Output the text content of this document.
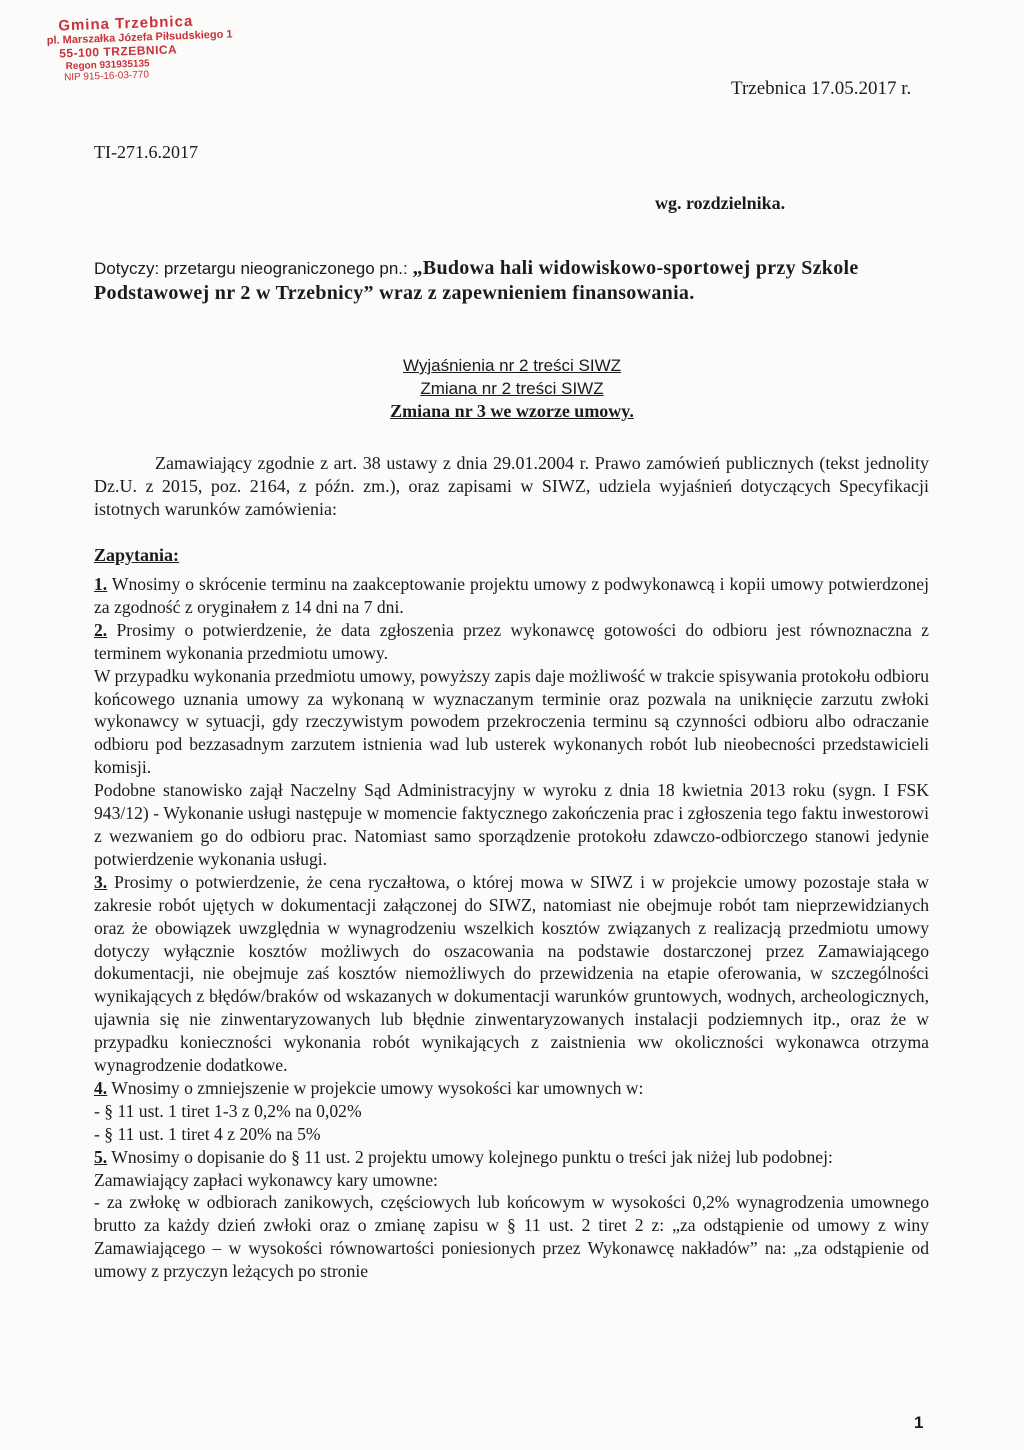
Gmina Trzebnica
pl. Marszałka Józefa Piłsudskiego 1
55-100 TRZEBNICA
Regon 931935135
NIP 915-16-03-770
Trzebnica 17.05.2017 r.
TI-271.6.2017
wg. rozdzielnika.
Dotyczy: przetargu nieograniczonego pn.: „Budowa hali widowiskowo-sportowej przy Szkole Podstawowej nr 2 w Trzebnicy” wraz z zapewnieniem finansowania.
Wyjaśnienia nr 2 treści SIWZ
Zmiana nr 2 treści SIWZ
Zmiana nr 3 we wzorze umowy.

Zamawiający zgodnie z art. 38 ustawy z dnia 29.01.2004 r. Prawo zamówień publicznych (tekst jednolity Dz.U. z 2015, poz. 2164, z późn. zm.), oraz zapisami w SIWZ, udziela wyjaśnień dotyczących Specyfikacji istotnych warunków zamówienia:

Zapytania:

1. Wnosimy o skrócenie terminu na zaakceptowanie projektu umowy z podwykonawcą i kopii umowy potwierdzonej za zgodność z oryginałem z 14 dni na 7 dni.

2. Prosimy o potwierdzenie, że data zgłoszenia przez wykonawcę gotowości do odbioru jest równoznaczna z terminem wykonania przedmiotu umowy.

W przypadku wykonania przedmiotu umowy, powyższy zapis daje możliwość w trakcie spisywania protokołu odbioru końcowego uznania umowy za wykonaną w wyznaczanym terminie oraz pozwala na uniknięcie zarzutu zwłoki wykonawcy w sytuacji, gdy rzeczywistym powodem przekroczenia terminu są czynności odbioru albo odraczanie odbioru pod bezzasadnym zarzutem istnienia wad lub usterek wykonanych robót lub nieobecności przedstawicieli komisji.

Podobne stanowisko zajął Naczelny Sąd Administracyjny w wyroku z dnia 18 kwietnia 2013 roku (sygn. I FSK 943/12) - Wykonanie usługi następuje w momencie faktycznego zakończenia prac i zgłoszenia tego faktu inwestorowi z wezwaniem go do odbioru prac. Natomiast samo sporządzenie protokołu zdawczo-odbiorczego stanowi jedynie potwierdzenie wykonania usługi.

3. Prosimy o potwierdzenie, że cena ryczałtowa, o której mowa w SIWZ i w projekcie umowy pozostaje stała w zakresie robót ujętych w dokumentacji załączonej do SIWZ, natomiast nie obejmuje robót tam nieprzewidzianych oraz że obowiązek uwzględnia w wynagrodzeniu wszelkich kosztów związanych z realizacją przedmiotu umowy dotyczy wyłącznie kosztów możliwych do oszacowania na podstawie dostarczonej przez Zamawiającego dokumentacji, nie obejmuje zaś kosztów niemożliwych do przewidzenia na etapie oferowania, w szczególności wynikających z błędów/braków od wskazanych w dokumentacji warunków gruntowych, wodnych, archeologicznych, ujawnia się nie zinwentaryzowanych lub błędnie zinwentaryzowanych instalacji podziemnych itp., oraz że w przypadku konieczności wykonania robót wynikających z zaistnienia ww okoliczności wykonawca otrzyma wynagrodzenie dodatkowe.

4. Wnosimy o zmniejszenie w projekcie umowy wysokości kar umownych w:

- § 11 ust. 1 tiret 1-3 z 0,2% na 0,02%

- § 11 ust. 1 tiret 4 z 20% na 5%

5. Wnosimy o dopisanie do § 11 ust. 2 projektu umowy kolejnego punktu o treści jak niżej lub podobnej:

Zamawiający zapłaci wykonawcy kary umowne:

- za zwłokę w odbiorach zanikowych, częściowych lub końcowym w wysokości 0,2% wynagrodzenia umownego brutto za każdy dzień zwłoki oraz o zmianę zapisu w § 11 ust. 2 tiret 2 z: „za odstąpienie od umowy z winy Zamawiającego – w wysokości równowartości poniesionych przez Wykonawcę nakładów” na: „za odstąpienie od umowy z przyczyn leżących po stronie

1
